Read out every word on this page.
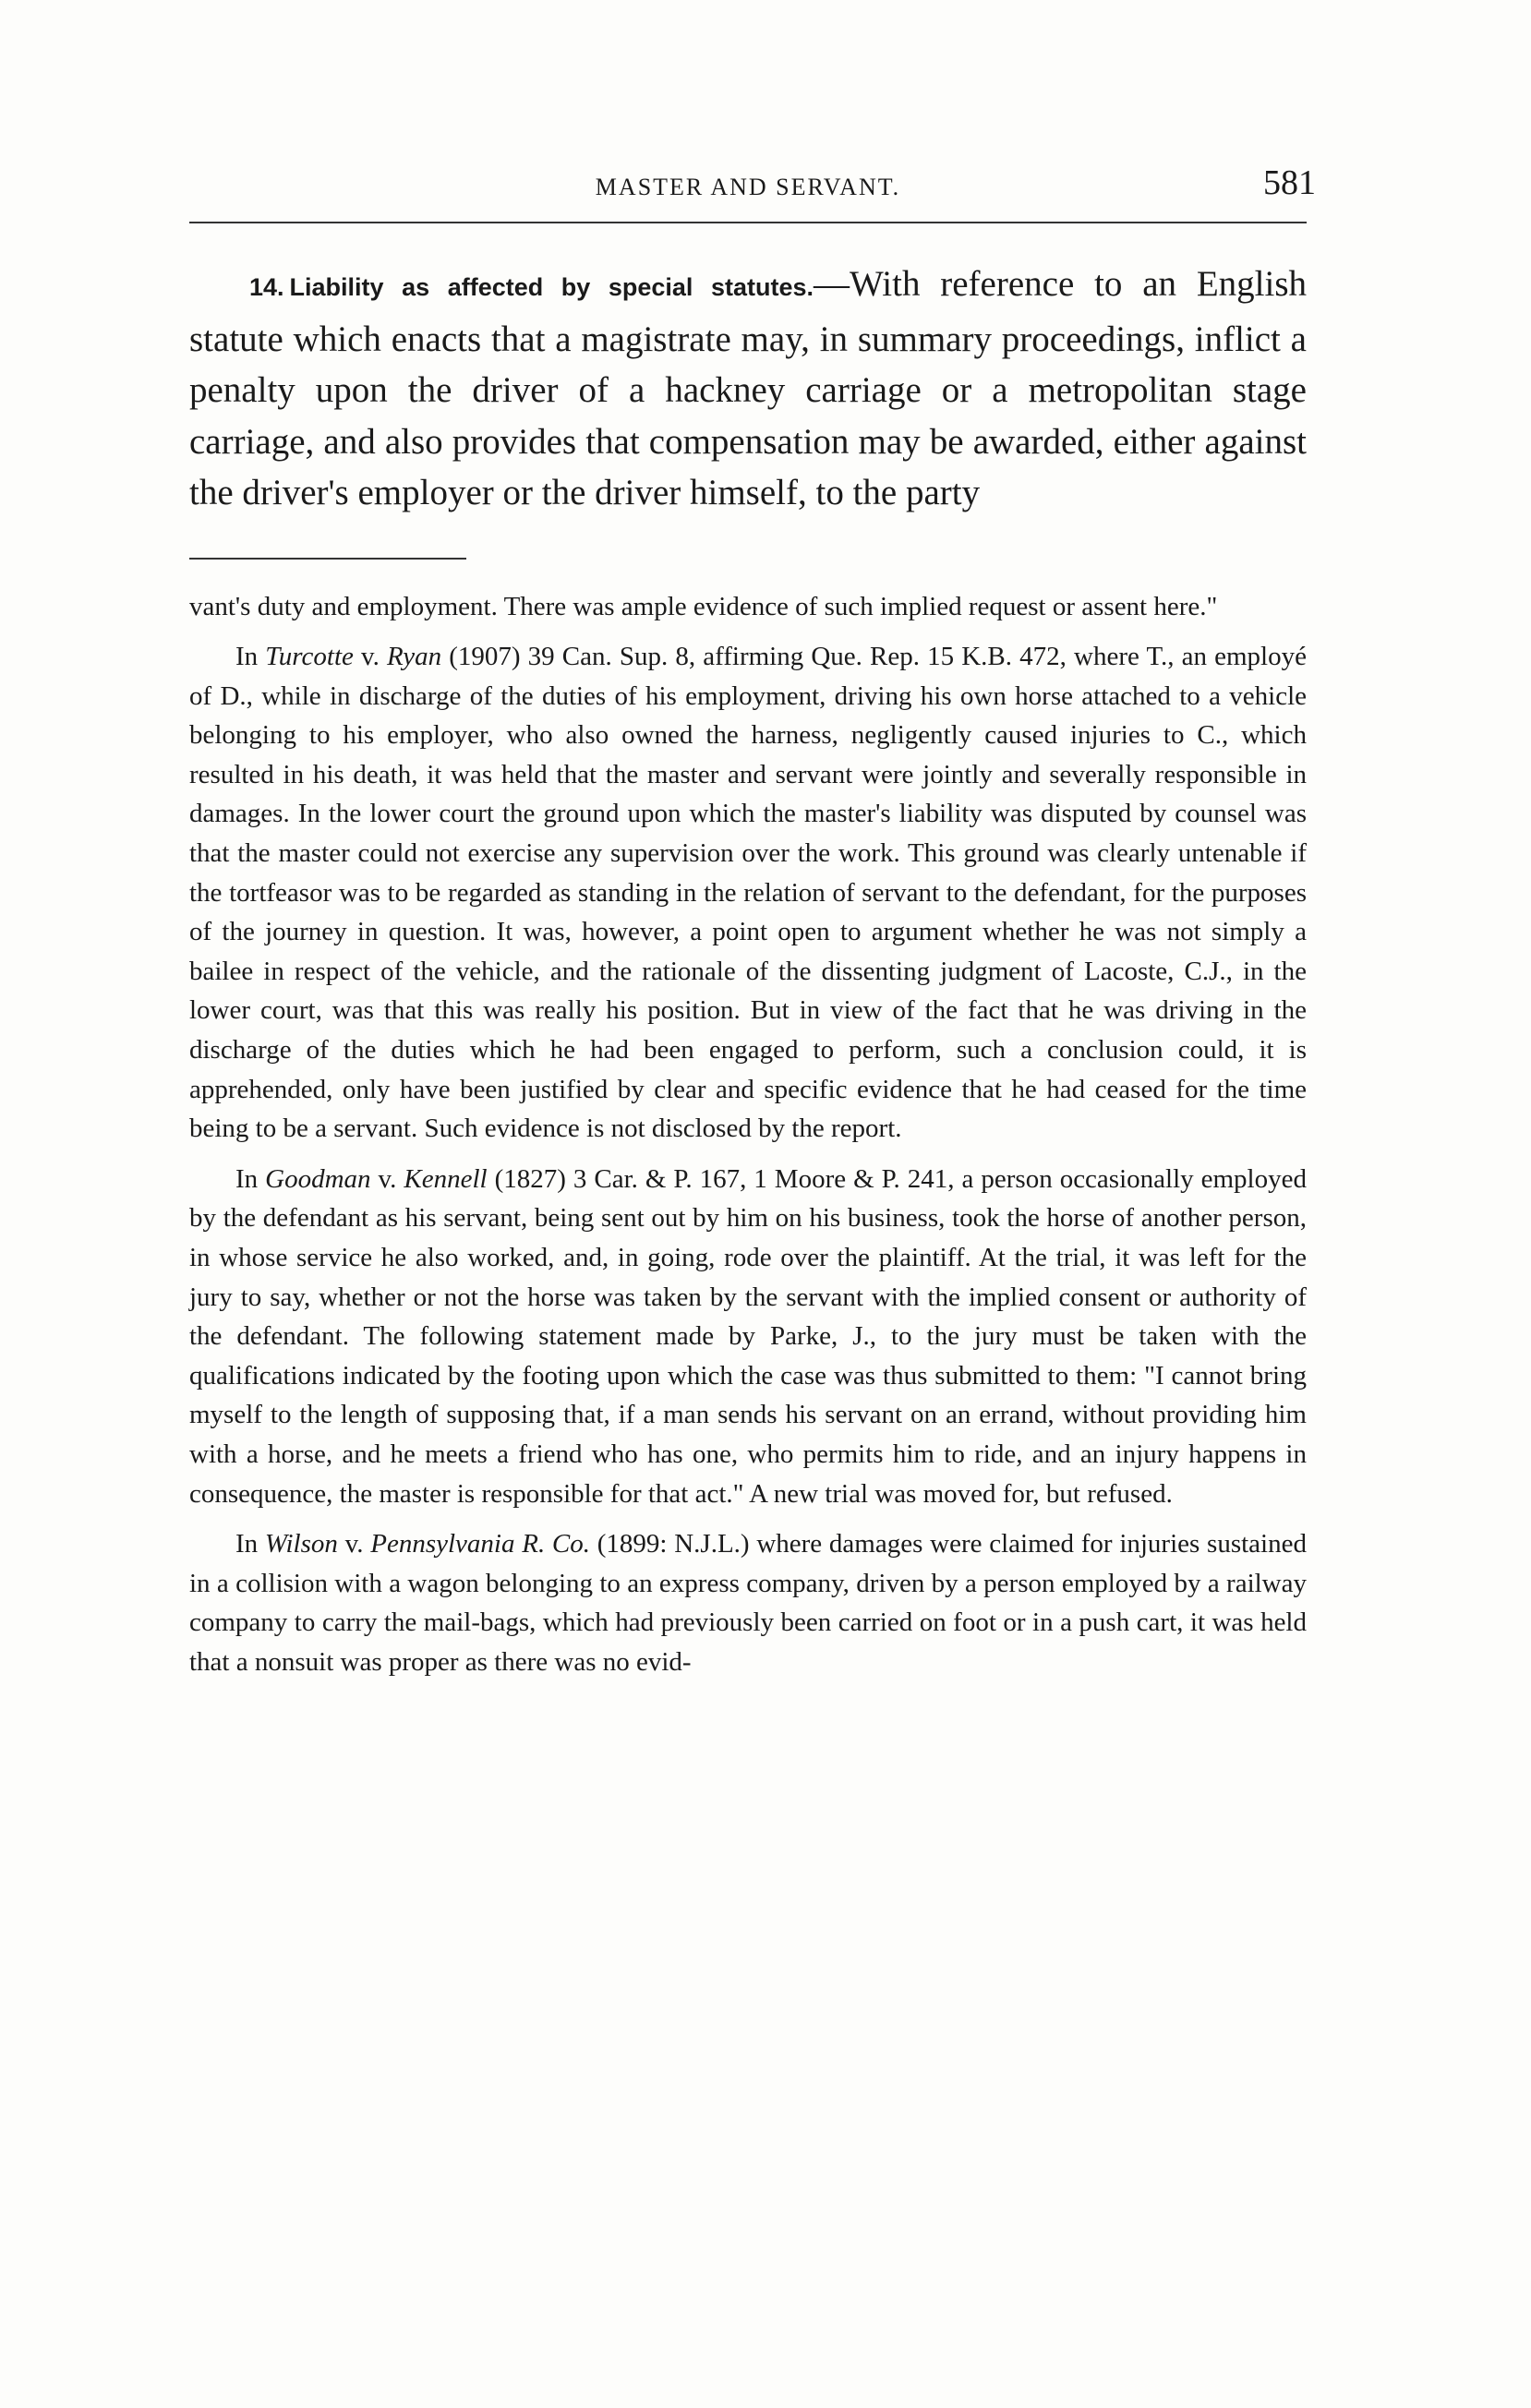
MASTER AND SERVANT.	581

14. Liability as affected by special statutes.—With reference to an English statute which enacts that a magistrate may, in summary proceedings, inflict a penalty upon the driver of a hackney carriage or a metropolitan stage carriage, and also provides that compensation may be awarded, either against the driver's employer or the driver himself, to the party

vant's duty and employment. There was ample evidence of such implied request or assent here."

In Turcotte v. Ryan (1907) 39 Can. Sup. 8, affirming Que. Rep. 15 K.B. 472, where T., an employé of D., while in discharge of the duties of his employment, driving his own horse attached to a vehicle belonging to his employer, who also owned the harness, negligently caused injuries to C., which resulted in his death, it was held that the master and servant were jointly and severally responsible in damages. In the lower court the ground upon which the master's liability was disputed by counsel was that the master could not exercise any supervision over the work. This ground was clearly untenable if the tortfeasor was to be regarded as standing in the relation of servant to the defendant, for the purposes of the journey in question. It was, however, a point open to argument whether he was not simply a bailee in respect of the vehicle, and the rationale of the dissenting judgment of Lacoste, C.J., in the lower court, was that this was really his position. But in view of the fact that he was driving in the discharge of the duties which he had been engaged to perform, such a conclusion could, it is apprehended, only have been justified by clear and specific evidence that he had ceased for the time being to be a servant. Such evidence is not disclosed by the report.

In Goodman v. Kennell (1827) 3 Car. & P. 167, 1 Moore & P. 241, a person occasionally employed by the defendant as his servant, being sent out by him on his business, took the horse of another person, in whose service he also worked, and, in going, rode over the plaintiff. At the trial, it was left for the jury to say, whether or not the horse was taken by the servant with the implied consent or authority of the defendant. The following statement made by Parke, J., to the jury must be taken with the qualifications indicated by the footing upon which the case was thus submitted to them: "I cannot bring myself to the length of supposing that, if a man sends his servant on an errand, without providing him with a horse, and he meets a friend who has one, who permits him to ride, and an injury happens in consequence, the master is responsible for that act." A new trial was moved for, but refused.

In Wilson v. Pennsylvania R. Co. (1899: N.J.L.) where damages were claimed for injuries sustained in a collision with a wagon belonging to an express company, driven by a person employed by a railway company to carry the mail-bags, which had previously been carried on foot or in a push cart, it was held that a nonsuit was proper as there was no evid-
